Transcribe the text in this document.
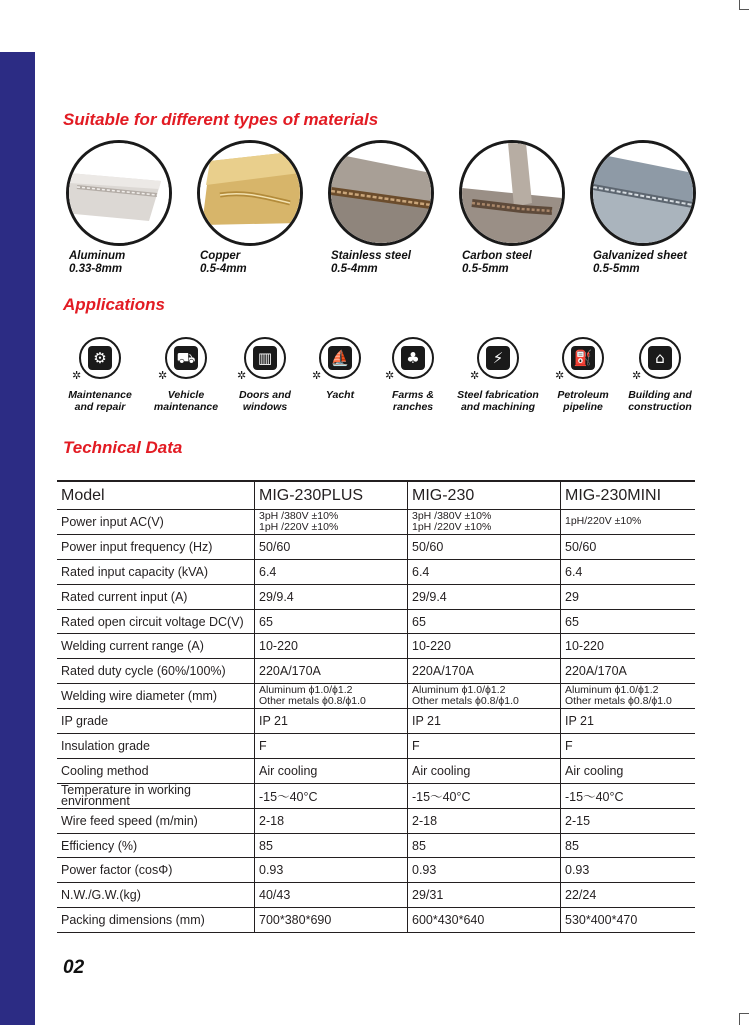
Suitable for different types of materials
Aluminum
0.33-8mm
Copper
0.5-4mm
Stainless steel
0.5-4mm
Carbon steel
0.5-5mm
Galvanized sheet
0.5-5mm
Applications
⚙
✲
Maintenance
and repair
⛟
✲
Vehicle
maintenance
▥
✲
Doors and
windows
⛵
✲
Yacht
♣
✲
Farms &
ranches
⚡
✲
Steel fabrication
and machining
⛽
✲
Petroleum
pipeline
⌂
✲
Building and
construction
Technical Data
Model	MIG-230PLUS	MIG-230	MIG-230MINI
Power input AC(V)	3pH /380V ±10%
1pH /220V ±10%	3pH /380V ±10%
1pH /220V ±10%	1pH/220V ±10%
Power input frequency (Hz)	50/60	50/60	50/60
Rated input capacity (kVA)	6.4	6.4	6.4
Rated current input (A)	29/9.4	29/9.4	29
Rated open circuit voltage DC(V)	65	65	65
Welding current range (A)	10-220	10-220	10-220
Rated duty cycle (60%/100%)	220A/170A	220A/170A	220A/170A
Welding wire diameter (mm)	Aluminum ϕ1.0/ϕ1.2
Other metals ϕ0.8/ϕ1.0	Aluminum ϕ1.0/ϕ1.2
Other metals ϕ0.8/ϕ1.0	Aluminum ϕ1.0/ϕ1.2
Other metals ϕ0.8/ϕ1.0

IP grade	IP 21	IP 21	IP 21
Insulation grade	F	F	F
Cooling method	Air cooling	Air cooling	Air cooling

Temperature in working
environment	-15～40°C	-15～40°C	-15～40°C
Wire feed speed (m/min)	2-18	2-18	2-15
Efficiency (%)	85	85	85
Power factor (cosΦ)	0.93	0.93	0.93
N.W./G.W.(kg)	40/43	29/31	22/24
Packing dimensions (mm)	700*380*690	600*430*640	530*400*470

02
